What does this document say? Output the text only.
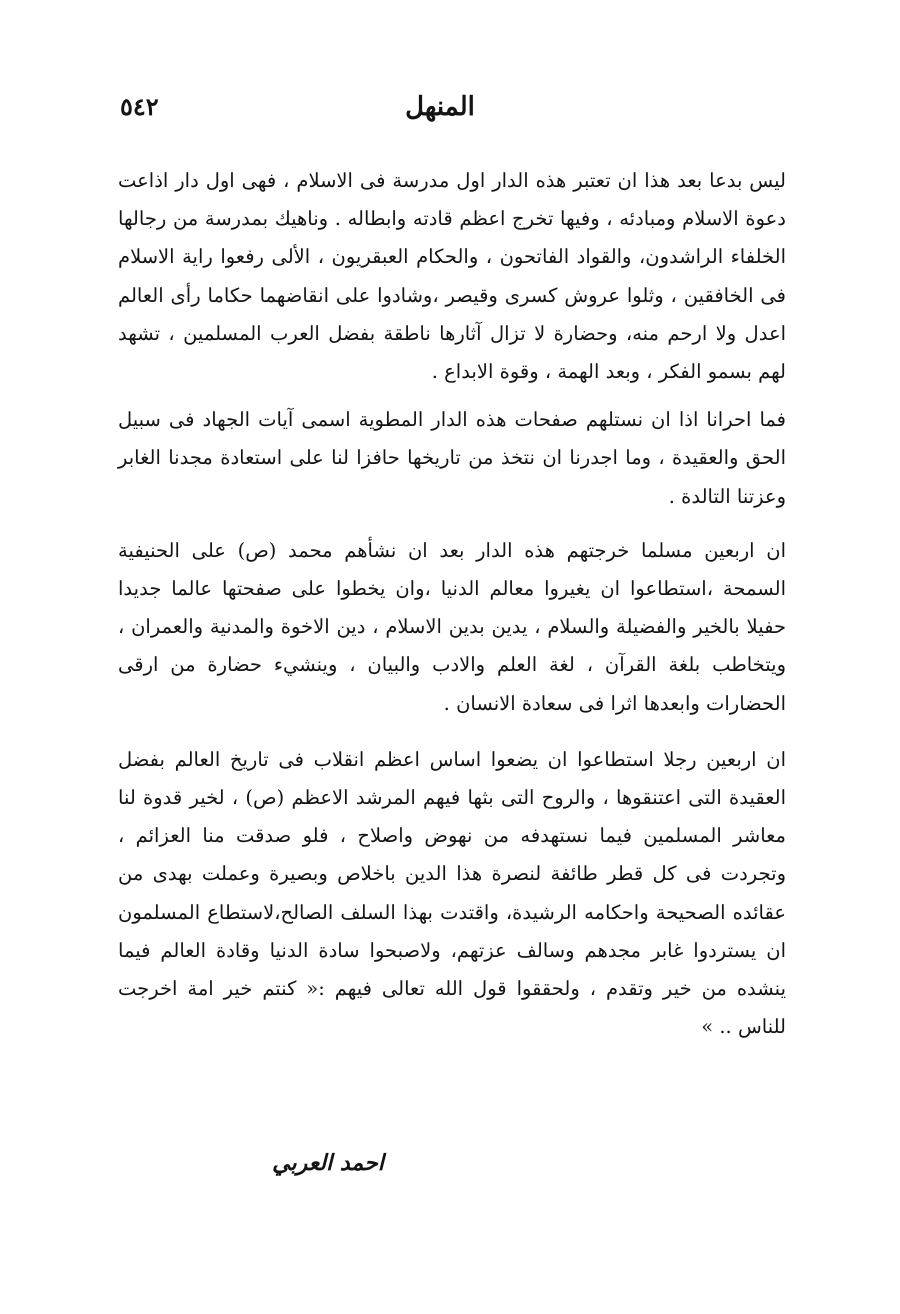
٥٤٢	المنهل

ليس بدعا بعد هذا ان تعتبر هذه الدار اول مدرسة فى الاسلام ، فهى اول دار اذاعت دعوة الاسلام ومبادئه ، وفيها تخرج اعظم قادته وابطاله . وناهيك بمدرسة من رجالها الخلفاء الراشدون، والقواد الفاتحون ، والحكام العبقريون ، الألى رفعوا راية الاسلام فى الخافقين ، وثلوا عروش كسرى وقيصر ،وشادوا على انقاضهما حكاما رأى العالم اعدل ولا ارحم منه، وحضارة لا تزال آثارها ناطقة بفضل العرب المسلمين ، تشهد لهم بسمو الفكر ، وبعد الهمة ، وقوة الابداع .

فما احرانا اذا ان نستلهم صفحات هذه الدار المطوية اسمى آيات الجهاد فى سبيل الحق والعقيدة ، وما اجدرنا ان نتخذ من تاريخها حافزا لنا على استعادة مجدنا الغابر وعزتنا التالدة .

ان اربعين مسلما خرجتهم هذه الدار بعد ان نشأهم محمد (ص) على الحنيفية السمحة ،استطاعوا ان يغيروا معالم الدنيا ،وان يخطوا على صفحتها عالما جديدا حفيلا بالخير والفضيلة والسلام ، يدين بدين الاسلام ، دين الاخوة والمدنية والعمران ، ويتخاطب بلغة القرآن ، لغة العلم والادب والبيان ، وينشيء حضارة من ارقى الحضارات وابعدها اثرا فى سعادة الانسان .

ان اربعين رجلا استطاعوا ان يضعوا اساس اعظم انقلاب فى تاريخ العالم بفضل العقيدة التى اعتنقوها ، والروح التى بثها فيهم المرشد الاعظم (ص) ، لخير قدوة لنا معاشر المسلمين فيما نستهدفه من نهوض واصلاح ، فلو صدقت منا العزائم ، وتجردت فى كل قطر طائفة لنصرة هذا الدين باخلاص وبصيرة وعملت بهدى من عقائده الصحيحة واحكامه الرشيدة، واقتدت بهذا السلف الصالح،لاستطاع المسلمون ان يستردوا غابر مجدهم وسالف عزتهم، ولاصبحوا سادة الدنيا وقادة العالم فيما ينشده من خير وتقدم ، ولحققوا قول الله تعالى فيهم :« كنتم خير امة اخرجت للناس .. »

احمد العربي
